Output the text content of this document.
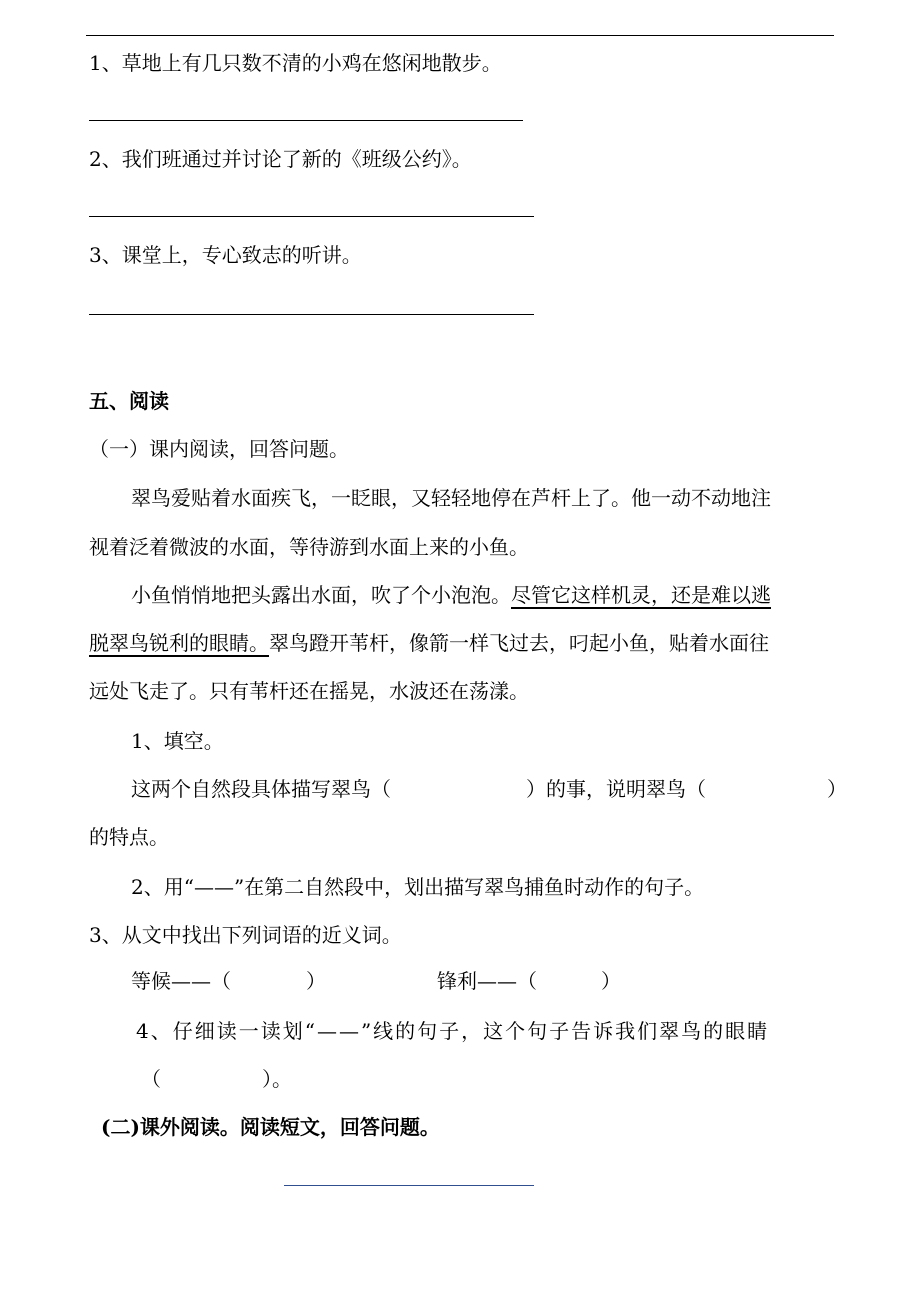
1、草地上有几只数不清的小鸡在悠闲地散步。
2、我们班通过并讨论了新的《班级公约》。
3、课堂上，专心致志的听讲。
五、阅读
（一）课内阅读，回答问题。
翠鸟爱贴着水面疾飞，一眨眼，又轻轻地停在芦杆上了。他一动不动地注
视着泛着微波的水面，等待游到水面上来的小鱼。
小鱼悄悄地把头露出水面，吹了个小泡泡。尽管它这样机灵，还是难以逃
脱翠鸟锐利的眼睛。翠鸟蹬开苇杆，像箭一样飞过去，叼起小鱼，贴着水面往
远处飞走了。只有苇杆还在摇晃，水波还在荡漾。
1、填空。
这两个自然段具体描写翠鸟（	）的事，说明翠鸟（	）
的特点。
2、用“——”在第二自然段中，划出描写翠鸟捕鱼时动作的句子。
3、从文中找出下列词语的近义词。
等候——（	）	锋利——（	）
4、仔细读一读划“——”线的句子，这个句子告诉我们翠鸟的眼睛
（	）。
(二)课外阅读。阅读短文，回答问题。
